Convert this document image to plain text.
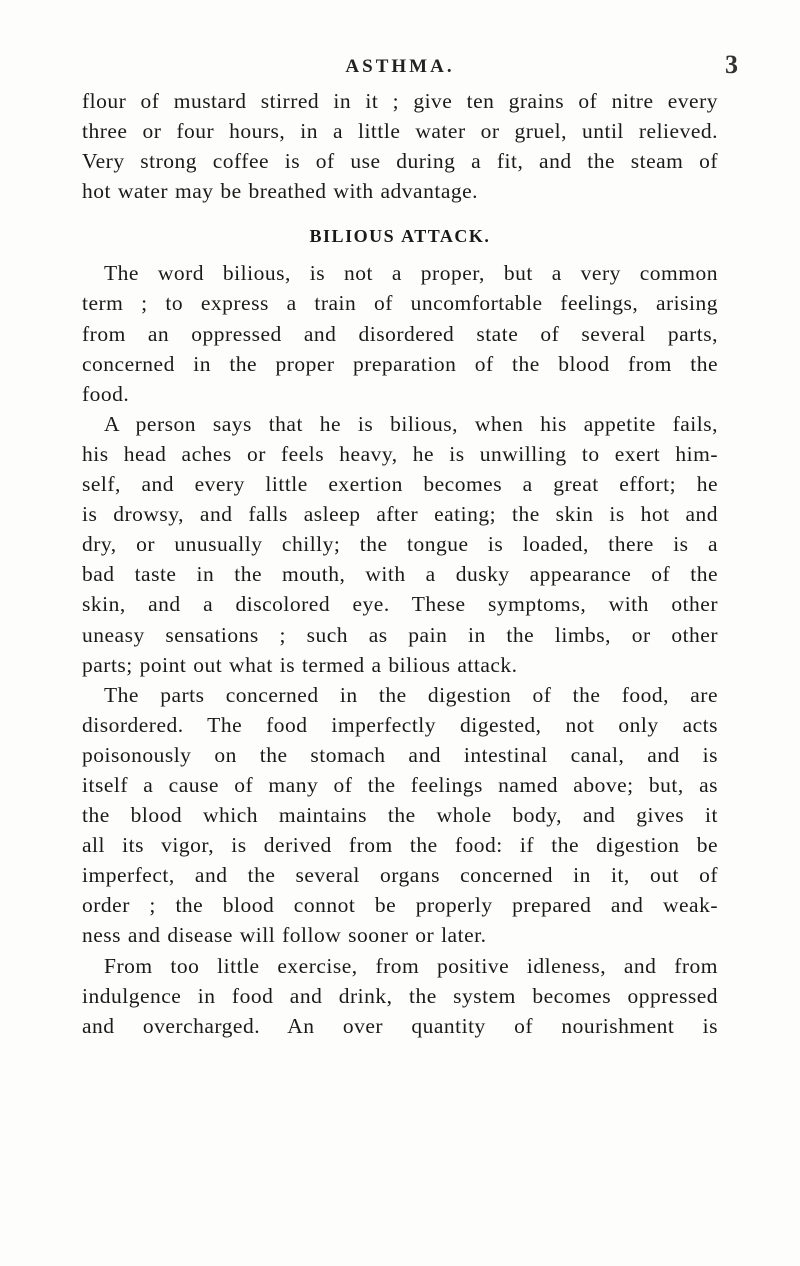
ASTHMA.	3
flour of mustard stirred in it ; give ten grains of nitre every
three or four hours, in a little water or gruel, until relieved.
Very strong coffee is of use during a fit, and the steam of
hot water may be breathed with advantage.
BILIOUS ATTACK.
The word bilious, is not a proper, but a very common
term ; to express a train of uncomfortable feelings, arising
from an oppressed and disordered state of several parts,
concerned in the proper preparation of the blood from the
food.
A person says that he is bilious, when his appetite fails,
his head aches or feels heavy, he is unwilling to exert him-
self, and every little exertion becomes a great effort; he
is drowsy, and falls asleep after eating; the skin is hot and
dry, or unusually chilly; the tongue is loaded, there is a
bad taste in the mouth, with a dusky appearance of the
skin, and a discolored eye. These symptoms, with other
uneasy sensations ; such as pain in the limbs, or other
parts; point out what is termed a bilious attack.
The parts concerned in the digestion of the food, are
disordered. The food imperfectly digested, not only acts
poisonously on the stomach and intestinal canal, and is
itself a cause of many of the feelings named above; but, as
the blood which maintains the whole body, and gives it
all its vigor, is derived from the food: if the digestion be
imperfect, and the several organs concerned in it, out of
order ; the blood connot be properly prepared and weak-
ness and disease will follow sooner or later.
From too little exercise, from positive idleness, and from
indulgence in food and drink, the system becomes oppressed
and overcharged. An over quantity of nourishment is
